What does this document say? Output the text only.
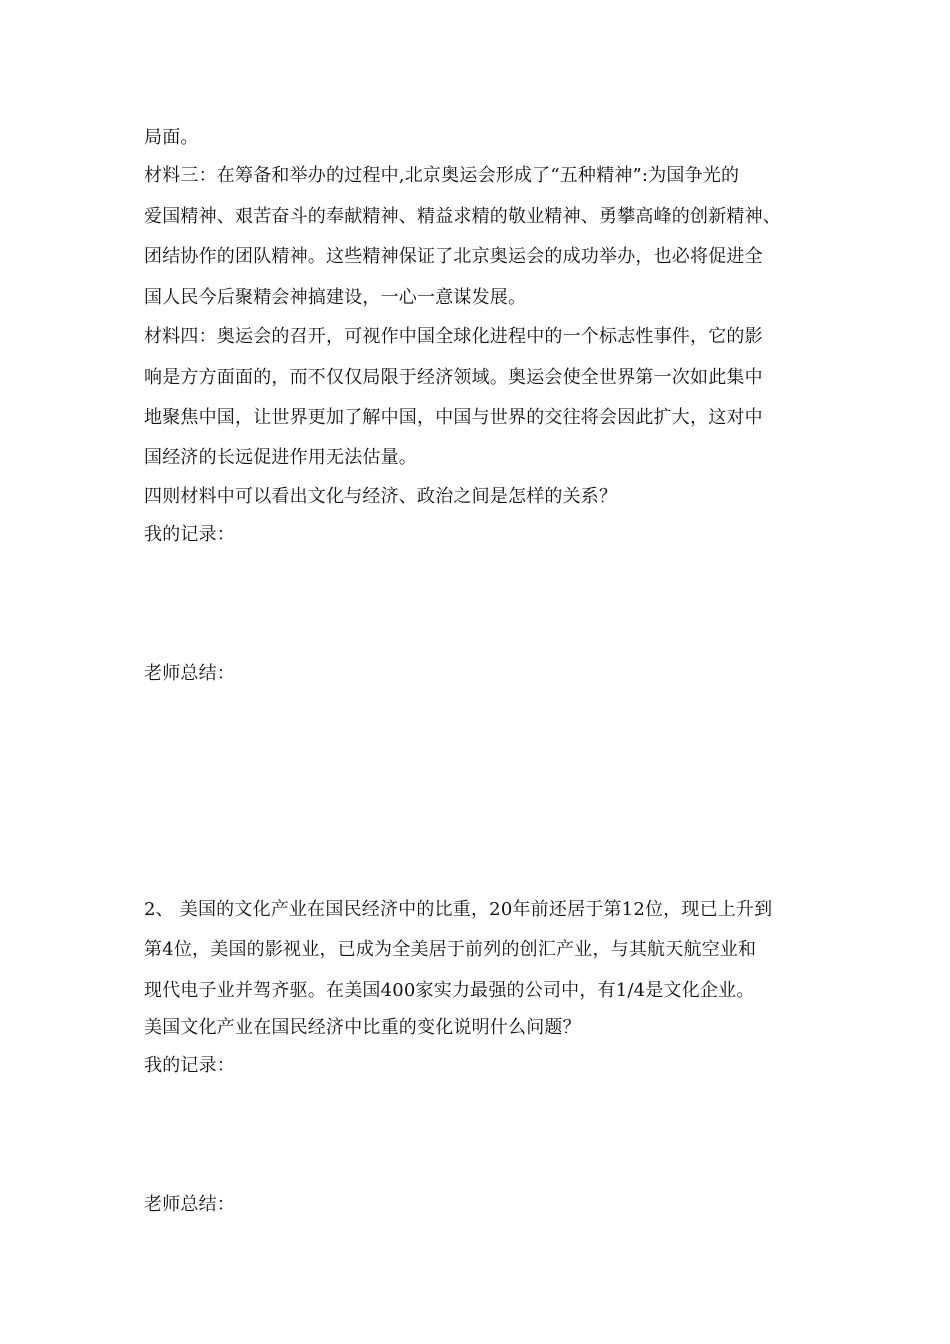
局面。
材料三：在筹备和举办的过程中,北京奥运会形成了“五种精神”:为国争光的
爱国精神、艰苦奋斗的奉献精神、精益求精的敬业精神、勇攀高峰的创新精神、
团结协作的团队精神。这些精神保证了北京奥运会的成功举办，也必将促进全
国人民今后聚精会神搞建设，一心一意谋发展。
材料四：奥运会的召开，可视作中国全球化进程中的一个标志性事件，它的影
响是方方面面的，而不仅仅局限于经济领域。奥运会使全世界第一次如此集中
地聚焦中国，让世界更加了解中国，中国与世界的交往将会因此扩大，这对中
国经济的长远促进作用无法估量。
四则材料中可以看出文化与经济、政治之间是怎样的关系？
我的记录：
老师总结：
2、 美国的文化产业在国民经济中的比重，20年前还居于第12位，现已上升到
第4位，美国的影视业，已成为全美居于前列的创汇产业，与其航天航空业和
现代电子业并驾齐驱。在美国400家实力最强的公司中，有1/4是文化企业。
美国文化产业在国民经济中比重的变化说明什么问题？
我的记录：
老师总结：
